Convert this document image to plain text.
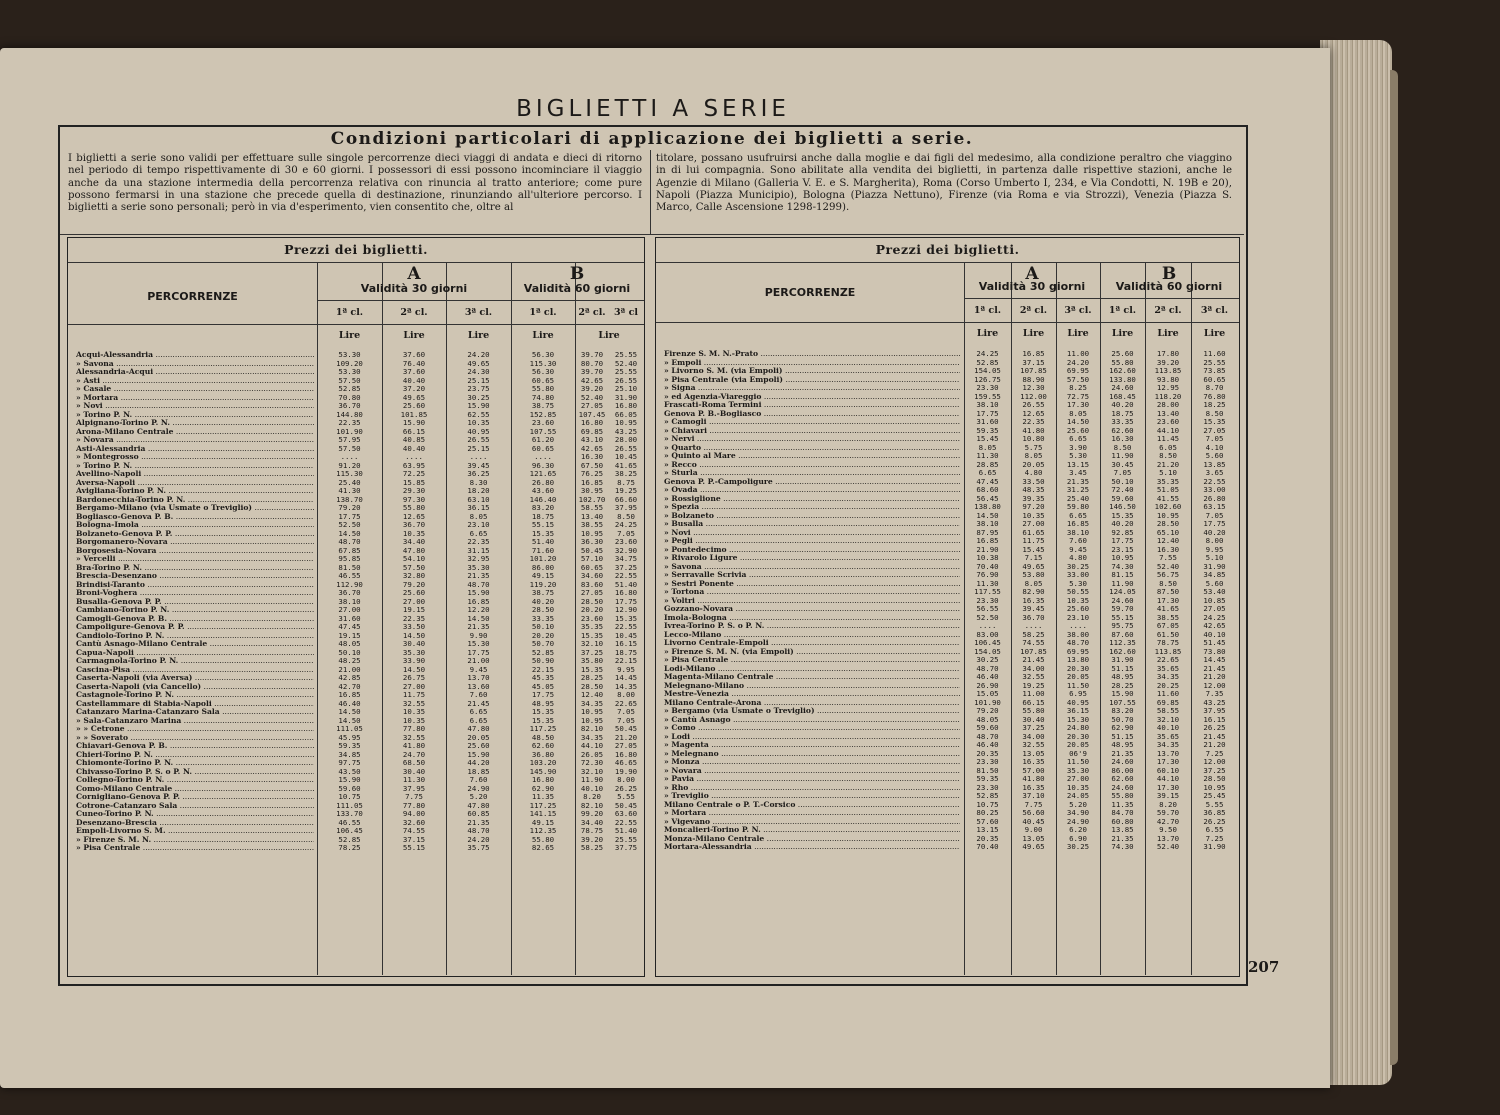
BIGLIETTI A SERIE
Condizioni particolari di applicazione dei biglietti a serie.
I biglietti a serie sono validi per effettuare sulle singole percorrenze dieci viaggi di andata e dieci di ritorno nel periodo di tempo rispettivamente di 30 e 60 giorni. I possessori di essi possono incominciare il viaggio anche da una stazione intermedia della percorrenza relativa con rinuncia al tratto anteriore; come pure possono fermarsi in una stazione che precede quella di destinazione, rinunziando all'ulteriore percorso. I biglietti a serie sono personali; però in via d'esperimento, vien consentito che, oltre al
titolare, possano usufruirsi anche dalla moglie e dai figli del medesimo, alla condizione peraltro che viaggino in di lui compagnia. Sono abilitate alla vendita dei biglietti, in partenza dalle rispettive stazioni, anche le Agenzie di Milano (Galleria V. E. e S. Margherita), Roma (Corso Umberto I, 234, e Via Condotti, N. 19B e 20), Napoli (Piazza Municipio), Bologna (Piazza Nettuno), Firenze (via Roma e via Strozzi), Venezia (Piazza S. Marco, Calle Ascensione 1298-1299).
Prezzi dei biglietti.
PERCORRENZE
A
Validità 30 giorni
B
Validità 60 giorni
1ª cl.	2ª cl.	3ª cl.	1ª cl.	2ª cl. 3ª cl
Lire	Lire	Lire	Lire	Lire
Acqui-Alessandria .....	53.30	37.60	24.20	56.30	39.70	25.55
» Savona .....	109.20	76.40	49.65	115.30	80.70	52.40
Alessandria-Acqui .....	53.30	37.60	24.30	56.30	39.70	25.55
» Asti .....	57.50	40.40	25.15	60.65	42.65	26.55
» Casale .....	52.85	37.20	23.75	55.80	39.20	25.10
» Mortara .....	70.80	49.65	30.25	74.80	52.40	31.90
» Novi .....	36.70	25.60	15.90	38.75	27.05	16.80
» Torino P. N. .....	144.80	101.85	62.55	152.85	107.45	66.05
Alpignano-Torino P. N. .....	22.35	15.90	10.35	23.60	16.80	10.95
Arona-Milano Centrale .....	101.90	66.15	40.95	107.55	69.85	43.25
» Novara .....	57.95	40.85	26.55	61.20	43.10	28.00
Asti-Alessandria .....	57.50	40.40	25.15	60.65	42.65	26.55
» Montegrosso .....	....	....	....	....	16.30	10.45
» Torino P. N. .....	91.20	63.95	39.45	96.30	67.50	41.65
Avellino-Napoli .....	115.30	72.25	36.25	121.65	76.25	38.25
Aversa-Napoli .....	25.40	15.85	8.30	26.80	16.85	8.75
Avigliana-Torino P. N. .....	41.30	29.30	18.20	43.60	30.95	19.25
Bardonecchia-Torino P. N. .....	138.70	97.30	63.10	146.40	102.70	66.60
Bergamo-Milano (via Usmate o Treviglio) .....	79.20	55.80	36.15	83.20	58.55	37.95
Bogliasco-Genova P. B. .....	17.75	12.65	8.05	18.75	13.40	8.50
Bologna-Imola .....	52.50	36.70	23.10	55.15	38.55	24.25
Bolzaneto-Genova P. P. .....	14.50	10.35	6.65	15.35	10.95	7.05
Borgomanero-Novara .....	48.70	34.40	22.35	51.40	36.30	23.60
Borgosesia-Novara .....	67.85	47.80	31.15	71.60	50.45	32.90
» Vercelli .....	95.85	54.10	32.95	101.20	57.10	34.75
Bra-Torino P. N. .....	81.50	57.50	35.30	86.00	60.65	37.25
Brescia-Desenzano .....	46.55	32.80	21.35	49.15	34.60	22.55
Brindisi-Taranto .....	112.90	79.20	48.70	119.20	83.60	51.40
Broni-Voghera .....	36.70	25.60	15.90	38.75	27.05	16.80
Busalla-Genova P. P. .....	38.10	27.00	16.85	40.20	28.50	17.75
Cambiano-Torino P. N. .....	27.00	19.15	12.20	28.50	20.20	12.90
Camogli-Genova P. B. .....	31.60	22.35	14.50	33.35	23.60	15.35
Campoligure-Genova P. P. .....	47.45	33.50	21.35	50.10	35.35	22.55
Candiolo-Torino P. N. .....	19.15	14.50	9.90	20.20	15.35	10.45
Cantù Asnago-Milano Centrale .....	48.05	30.40	15.30	50.70	32.10	16.15
Capua-Napoli .....	50.10	35.30	17.75	52.85	37.25	18.75
Carmagnola-Torino P. N. .....	48.25	33.90	21.00	50.90	35.80	22.15
Cascina-Pisa .....	21.00	14.50	9.45	22.15	15.35	9.95
Caserta-Napoli (via Aversa) .....	42.85	26.75	13.70	45.35	28.25	14.45
Caserta-Napoli (via Cancello) .....	42.70	27.00	13.60	45.05	28.50	14.35
Castagnole-Torino P. N. .....	16.85	11.75	7.60	17.75	12.40	8.00
Castellammare di Stabia-Napoli .....	46.40	32.55	21.45	48.95	34.35	22.65
Catanzaro Marina-Catanzaro Sala .....	14.50	10.35	6.65	15.35	10.95	7.05
» Sala-Catanzaro Marina .....	14.50	10.35	6.65	15.35	10.95	7.05
» » Cetrone .....	111.05	77.80	47.80	117.25	82.10	50.45
» » Soverato .....	45.95	32.55	20.05	48.50	34.35	21.20
Chiavari-Genova P. B. .....	59.35	41.80	25.60	62.60	44.10	27.05
Chieri-Torino P. N. .....	34.85	24.70	15.90	36.80	26.05	16.80
Chiomonte-Torino P. N. .....	97.75	68.50	44.20	103.20	72.30	46.65
Chivasso-Torino P. S. o P. N. .....	43.50	30.40	18.85	145.90	32.10	19.90
Collegno-Torino P. N. .....	15.90	11.30	7.60	16.80	11.90	8.00
Como-Milano Centrale .....	59.60	37.95	24.90	62.90	40.10	26.25
Cornigliano-Genova P. P. .....	10.75	7.75	5.20	11.35	8.20	5.55
Cotrone-Catanzaro Sala .....	111.05	77.80	47.80	117.25	82.10	50.45
Cuneo-Torino P. N. .....	133.70	94.00	60.85	141.15	99.20	63.60
Desenzano-Brescia .....	46.55	32.60	21.35	49.15	34.40	22.55
Empoli-Livorno S. M. .....	106.45	74.55	48.70	112.35	78.75	51.40
» Firenze S. M. N. .....	52.85	37.15	24.20	55.80	39.20	25.55
» Pisa Centrale .....	78.25	55.15	35.75	82.65	58.25	37.75
Prezzi dei biglietti.
PERCORRENZE
A
Validità 30 giorni
B
Validità 60 giorni
1ª cl.	2ª cl.	3ª cl.	1ª cl.	2ª cl.	3ª cl.
Lire	Lire	Lire	Lire	Lire	Lire
Firenze S. M. N.-Prato .....	24.25	16.85	11.00	25.60	17.80	11.60
» Empoli .....	52.85	37.15	24.20	55.80	39.20	25.55
» Livorno S. M. (via Empoli) .....	154.05	107.85	69.95	162.60	113.85	73.85
» Pisa Centrale (via Empoli) .....	126.75	88.90	57.50	133.80	93.80	60.65
» Signa .....	23.30	12.30	8.25	24.60	12.95	8.70
» ed Agenzia-Viareggio .....	159.55	112.00	72.75	168.45	118.20	76.80
Frascati-Roma Termini .....	38.10	26.55	17.30	40.20	28.00	18.25
Genova P. B.-Bogliasco .....	17.75	12.65	8.05	18.75	13.40	8.50
» Camogli .....	31.60	22.35	14.50	33.35	23.60	15.35
» Chiavari .....	59.35	41.80	25.60	62.60	44.10	27.05
» Nervi .....	15.45	10.80	6.65	16.30	11.45	7.05
» Quarto .....	8.05	5.75	3.90	8.50	6.05	4.10
» Quinto al Mare .....	11.30	8.05	5.30	11.90	8.50	5.60
» Recco .....	28.85	20.05	13.15	30.45	21.20	13.85
» Sturla .....	6.65	4.80	3.45	7.05	5.10	3.65
Genova P. P.-Campoligure .....	47.45	33.50	21.35	50.10	35.35	22.55
» Ovada .....	68.60	48.35	31.25	72.40	51.05	33.00
» Rossiglione .....	56.45	39.35	25.40	59.60	41.55	26.80
» Spezia .....	138.80	97.20	59.80	146.50	102.60	63.15
» Bolzaneto .....	14.50	10.35	6.65	15.35	10.95	7.05
» Busalla .....	38.10	27.00	16.85	40.20	28.50	17.75
» Novi .....	87.95	61.65	38.10	92.85	65.10	40.20
» Pegli .....	16.85	11.75	7.60	17.75	12.40	8.00
» Pontedecimo .....	21.90	15.45	9.45	23.15	16.30	9.95
» Rivarolo Ligure .....	10.38	7.15	4.80	10.95	7.55	5.10
» Savona .....	70.40	49.65	30.25	74.30	52.40	31.90
» Serravalle Scrivia .....	76.90	53.80	33.00	81.15	56.75	34.85
» Sestri Ponente .....	11.30	8.05	5.30	11.90	8.50	5.60
» Tortona .....	117.55	82.90	50.55	124.05	87.50	53.40
» Voltri .....	23.30	16.35	10.35	24.60	17.30	10.85
Gozzano-Novara .....	56.55	39.45	25.60	59.70	41.65	27.05
Imola-Bologna .....	52.50	36.70	23.10	55.15	38.55	24.25
Ivrea-Torino P. S. o P. N. .....	....	....	....	95.75	67.05	42.65
Lecco-Milano .....	83.00	58.25	38.00	87.60	61.50	40.10
Livorno Centrale-Empoli .....	106.45	74.55	48.70	112.35	78.75	51.45
» Firenze S. M. N. (via Empoli) .....	154.05	107.85	69.95	162.60	113.85	73.80
» Pisa Centrale .....	30.25	21.45	13.80	31.90	22.65	14.45
Lodi-Milano .....	48.70	34.00	20.30	51.15	35.65	21.45
Magenta-Milano Centrale .....	46.40	32.55	20.05	48.95	34.35	21.20
Melegnano-Milano .....	26.90	19.25	11.50	28.25	20.25	12.00
Mestre-Venezia .....	15.05	11.00	6.95	15.90	11.60	7.35
Milano Centrale-Arona .....	101.90	66.15	40.95	107.55	69.85	43.25
» Bergamo (via Usmate o Treviglio) .....	79.20	55.80	36.15	83.20	58.55	37.95
» Cantù Asnago .....	48.05	30.40	15.30	50.70	32.10	16.15
» Como .....	59.60	37.25	24.80	62.90	40.10	26.25
» Lodi .....	48.70	34.00	20.30	51.15	35.65	21.45
» Magenta .....	46.40	32.55	20.05	48.95	34.35	21.20
» Melegnano .....	20.35	13.05	06'9	21.35	13.70	7.25
» Monza .....	23.30	16.35	11.50	24.60	17.30	12.00
» Novara .....	81.50	57.00	35.30	86.00	60.10	37.25
» Pavia .....	59.35	41.80	27.00	62.60	44.10	28.50
» Rho .....	23.30	16.35	10.35	24.60	17.30	10.95
» Treviglio .....	52.85	37.10	24.05	55.80	39.15	25.45
Milano Centrale o P. T.-Corsico .....	10.75	7.75	5.20	11.35	8.20	5.55
» Mortara .....	80.25	56.60	34.90	84.70	59.70	36.85
» Vigevano .....	57.60	40.45	24.90	60.80	42.70	26.25
Moncalieri-Torino P. N. .....	13.15	9.00	6.20	13.85	9.50	6.55
Monza-Milano Centrale .....	20.35	13.05	6.90	21.35	13.70	7.25
Mortara-Alessandria .....	70.40	49.65	30.25	74.30	52.40	31.90
207
